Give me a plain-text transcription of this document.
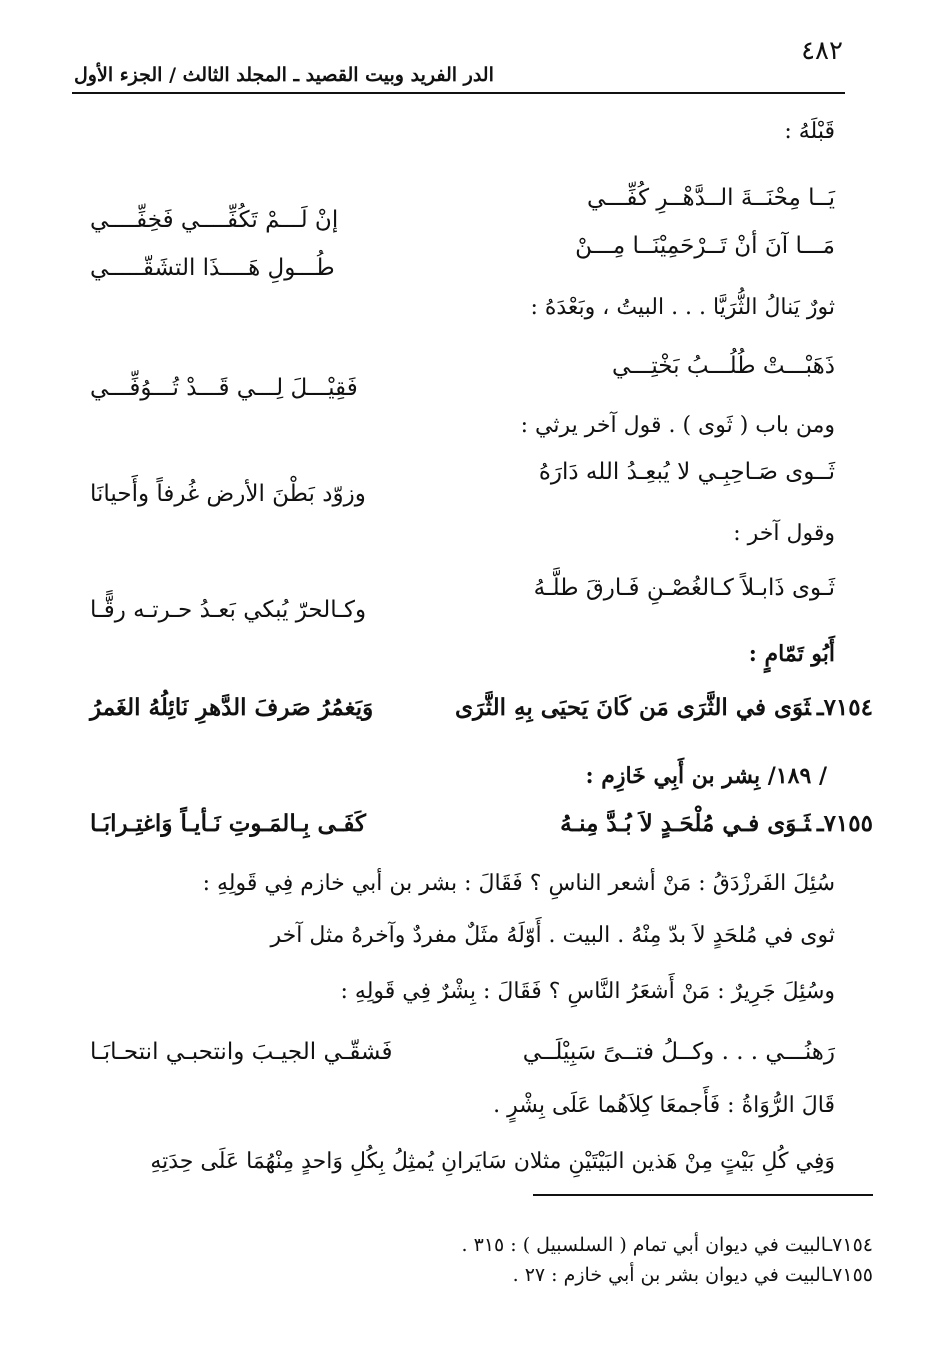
٤٨٢
الدر الفريد وبيت القصيد ـ المجلد الثالث / الجزء الأول
قَبْلَهُ :
يَــا مِحْنَــةَ الــدَّهْــرِ كُفِّـــي
إنْ لَـــمْ تَكُفِّــــي فَخِفِّــــي
مَـــا آنَ أنْ تَــرْحَمِيْنَــا مِـــنْ
طُـــولِ هَــــذَا التشَقّـــــي
ثورٌ يَنالُ الثُّرَيَّا . . . البيتُ ، وبَعْدَهُ :
ذَهَبْـــتْ طُلُـــبُ بَخْتِـــي
فَقِيْـــلَ لِـــي قَـــدْ تُـــوُفِّـــي
ومن باب ( ثَوى ) . قول آخر يرثي :
ثَــوى صَـاحِبِـي لا يُبعِـدُ الله دَارَهُ
وزوّد بَطْنَ الأرض غُرفاً وأَحيانَا
وقول آخر :
ثَـوى ذَابـلاً كـالغُصْـنِ فَـارقَ طلَّـهُ
وكـالحرّ يُبكي بَعـدُ حـرتـه رقًّـا
أَبُو تَمّامٍ :
٧١٥٤ـثَوَى في الثَّرَى مَن كَانَ يَحيَى بِهِ الثَّرَى
وَيَغمُرُ صَرفَ الدَّهرِ نَائِلُهُ الغَمرُ
/ ١٨٩/ بِشر بن أَبِي خَازِم :
٧١٥٥ـثَـوَى فـي مُلْحَـدٍ لاَ بُـدَّ مِنـهُ
كَفَـى بِـالمَـوتِ نَـأيـاً وَاغتِـرابَـا
سُئِلَ الفَرزْدَقُ : مَنْ أشعر الناسِ ؟ فَقَالَ : بشر بن أبي خازم فِي قَولِهِ :
ثوى في مُلحَدٍ لاَ بدّ مِنْهُ . البيت . أَوّلَهُ مثَلٌ مفردٌ وآخرهُ مثل آخر
وسُئِلَ جَرِيرٌ : مَنْ أَشعَرُ النَّاسِ ؟ فَقَالَ : بِشْرٌ فِي قَولِهِ :
رَهنُـــي . . . وكــلُ فتــىً سَبِيْلَــي
فَشقّـي الجيـبَ وانتحبـي انتحـابَـا
قَالَ الرُّوَاةُ : فَأَجمعَا كِلاَهُما عَلَى بِشْرٍ .
وَفِي كُلِ بَيْتٍ مِنْ هَذين البَيْتَيْنِ مثلان سَايَرانِ يُمثِلُ بِكُلِ وَاحدٍ مِنْهُمَا عَلَى حِدَتِهِ
٧١٥٤ـالبيت في ديوان أبي تمام ( السلسبيل ) : ٣١٥ .
٧١٥٥ـالبيت في ديوان بشر بن أبي خازم : ٢٧ .
